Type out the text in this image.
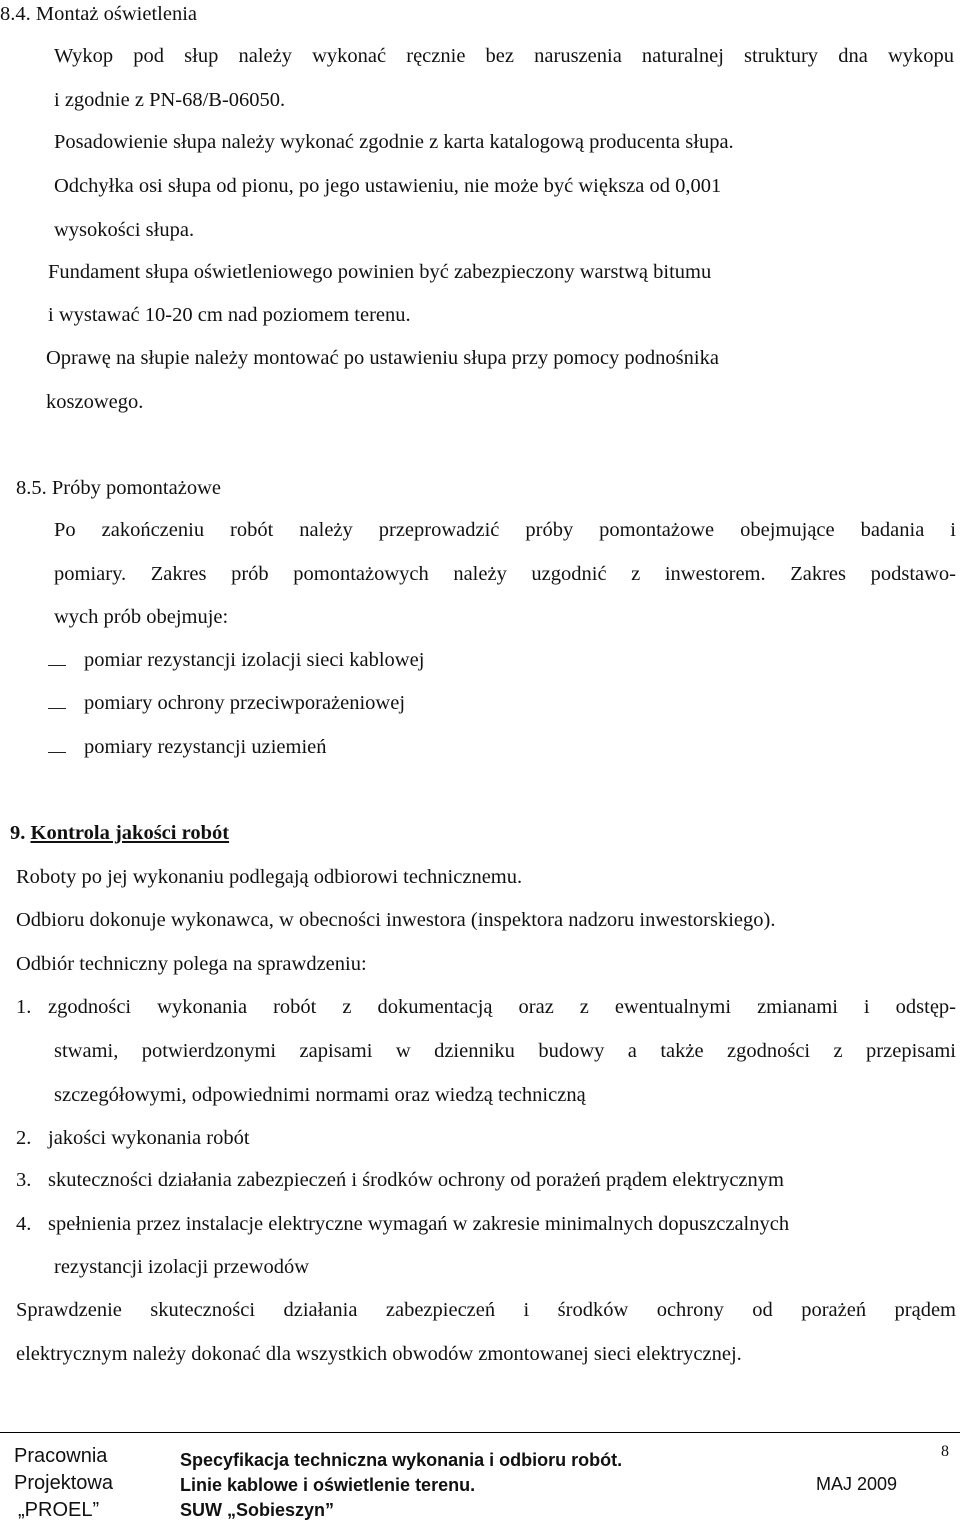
8.4. Montaż oświetlenia
Wykop pod słup należy wykonać ręcznie bez naruszenia naturalnej struktury dna wykopu
i zgodnie z PN-68/B-06050.
Posadowienie słupa należy wykonać zgodnie z karta katalogową producenta słupa.
Odchyłka osi słupa od pionu, po jego ustawieniu, nie może być większa od 0,001
wysokości słupa.
Fundament słupa oświetleniowego powinien być zabezpieczony warstwą bitumu
i wystawać 10-20 cm nad poziomem terenu.
Oprawę na słupie należy montować po ustawieniu słupa przy pomocy podnośnika
koszowego.
8.5. Próby pomontażowe
Po zakończeniu robót należy przeprowadzić próby pomontażowe obejmujące badania i
pomiary. Zakres prób pomontażowych należy uzgodnić z inwestorem. Zakres podstawo-
wych prób obejmuje:
pomiar rezystancji izolacji sieci kablowej
pomiary ochrony przeciwporażeniowej
pomiary rezystancji uziemień
9. Kontrola jakości robót
Roboty po jej wykonaniu podlegają odbiorowi technicznemu.
Odbioru dokonuje wykonawca, w obecności inwestora (inspektora nadzoru inwestorskiego).
Odbiór techniczny polega na sprawdzeniu:
1. zgodności wykonania robót z dokumentacją oraz z ewentualnymi zmianami i odstęp-
stwami, potwierdzonymi zapisami w dzienniku budowy a także zgodności z przepisami
szczegółowymi, odpowiednimi normami oraz wiedzą techniczną
2. jakości wykonania robót
3. skuteczności działania zabezpieczeń i środków ochrony od porażeń prądem elektrycznym
4. spełnienia przez instalacje elektryczne wymagań w zakresie minimalnych dopuszczalnych
rezystancji izolacji przewodów
Sprawdzenie skuteczności działania zabezpieczeń i środków ochrony od porażeń prądem
elektrycznym należy dokonać dla wszystkich obwodów zmontowanej sieci elektrycznej.
Pracownia
Projektowa
„PROEL”
Specyfikacja techniczna wykonania i odbioru robót.
Linie kablowe i oświetlenie terenu.
SUW „Sobieszyn”
MAJ 2009
8
